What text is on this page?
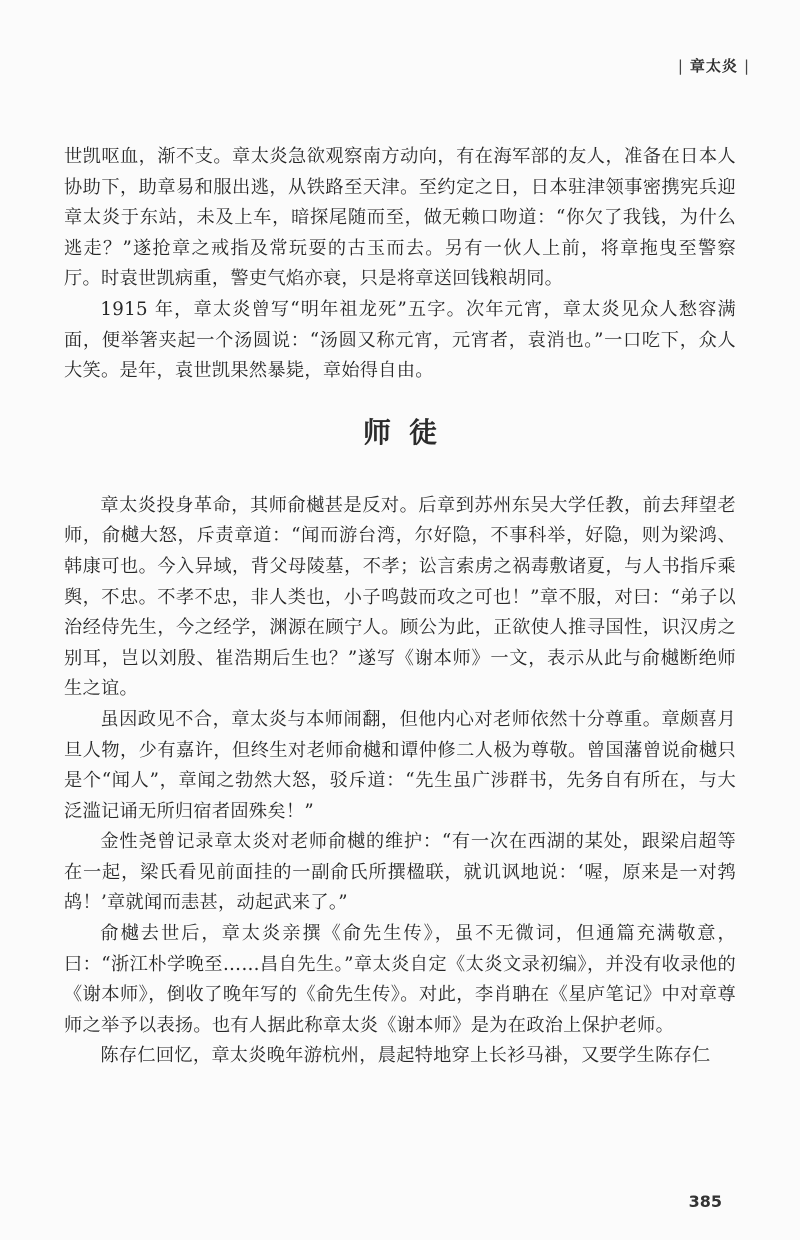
| 章太炎 |

世凯呕血，渐不支。章太炎急欲观察南方动向，有在海军部的友人，准备在日本人协助下，助章易和服出逃，从铁路至天津。至约定之日，日本驻津领事密携宪兵迎章太炎于东站，未及上车，暗探尾随而至，做无赖口吻道：“你欠了我钱，为什么逃走？”遂抢章之戒指及常玩耍的古玉而去。另有一伙人上前，将章拖曳至警察厅。时袁世凯病重，警吏气焰亦衰，只是将章送回钱粮胡同。

1915 年，章太炎曾写“明年祖龙死”五字。次年元宵，章太炎见众人愁容满面，便举箸夹起一个汤圆说：“汤圆又称元宵，元宵者，袁消也。”一口吃下，众人大笑。是年，袁世凯果然暴毙，章始得自由。

师徒

章太炎投身革命，其师俞樾甚是反对。后章到苏州东吴大学任教，前去拜望老师，俞樾大怒，斥责章道：“闻而游台湾，尔好隐，不事科举，好隐，则为梁鸿、韩康可也。今入异域，背父母陵墓，不孝；讼言索虏之祸毒敷诸夏，与人书指斥乘舆，不忠。不孝不忠，非人类也，小子鸣鼓而攻之可也！”章不服，对曰：“弟子以治经侍先生，今之经学，渊源在顾宁人。顾公为此，正欲使人推寻国性，识汉虏之别耳，岂以刘殷、崔浩期后生也？”遂写《谢本师》一文，表示从此与俞樾断绝师生之谊。

虽因政见不合，章太炎与本师闹翻，但他内心对老师依然十分尊重。章颇喜月旦人物，少有嘉许，但终生对老师俞樾和谭仲修二人极为尊敬。曾国藩曾说俞樾只是个“闻人”，章闻之勃然大怒，驳斥道：“先生虽广涉群书，先务自有所在，与大泛滥记诵无所归宿者固殊矣！”

金性尧曾记录章太炎对老师俞樾的维护：“有一次在西湖的某处，跟梁启超等在一起，梁氏看见前面挂的一副俞氏所撰楹联，就讥讽地说：‘喔，原来是一对鹁鸪！’章就闻而恚甚，动起武来了。”

俞樾去世后，章太炎亲撰《俞先生传》，虽不无微词，但通篇充满敬意，曰：“浙江朴学晚至……昌自先生。”章太炎自定《太炎文录初编》，并没有收录他的《谢本师》，倒收了晚年写的《俞先生传》。对此，李肖聃在《星庐笔记》中对章尊师之举予以表扬。也有人据此称章太炎《谢本师》是为在政治上保护老师。

陈存仁回忆，章太炎晚年游杭州，晨起特地穿上长衫马褂，又要学生陈存仁

385
